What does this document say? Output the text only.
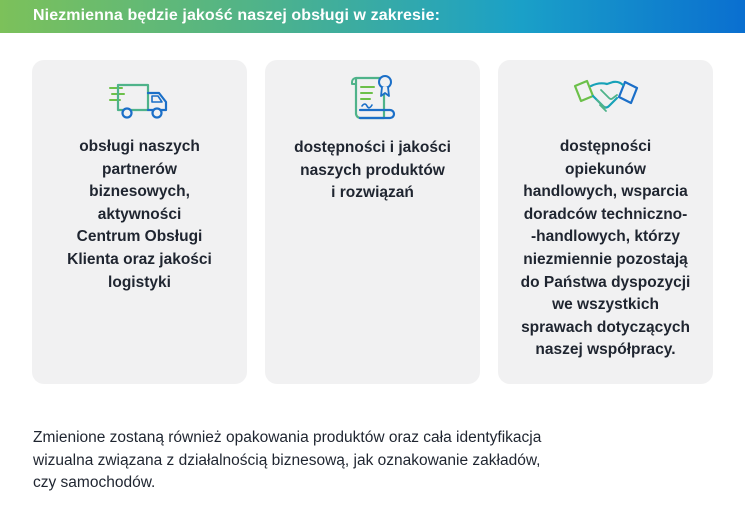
Niezmienna będzie jakość naszej obsługi w zakresie:
obsługi naszych
partnerów
biznesowych,
aktywności
Centrum Obsługi
Klienta oraz jakości
logistyki
dostępności i jakości
naszych produktów
i rozwiązań
dostępności
opiekunów
handlowych, wsparcia
doradców techniczno-
-handlowych, którzy
niezmiennie pozostają
do Państwa dyspozycji
we wszystkich
sprawach dotyczących
naszej współpracy.
Zmienione zostaną również opakowania produktów oraz cała identyfikacja
wizualna związana z działalnością biznesową, jak oznakowanie zakładów,
czy samochodów.
